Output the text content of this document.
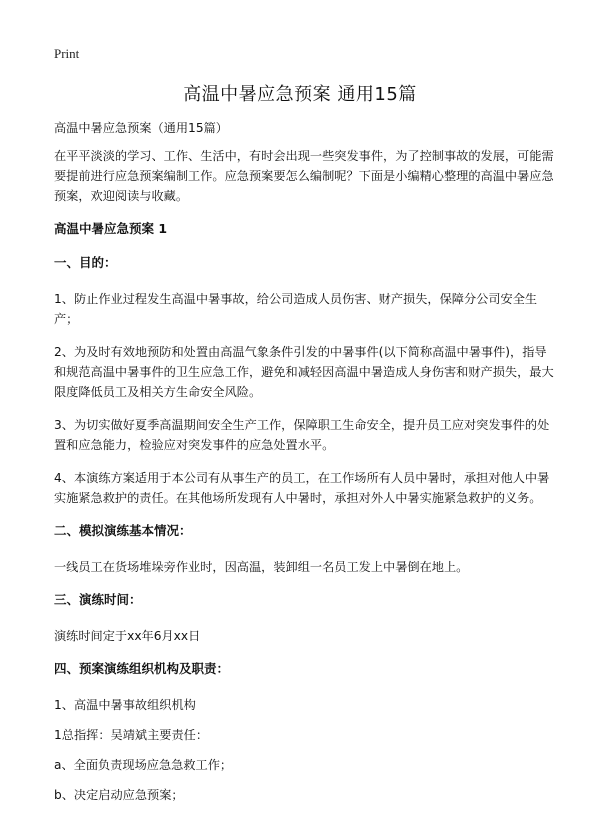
Print
高温中暑应急预案 通用15篇

高温中暑应急预案（通用15篇）

在平平淡淡的学习、工作、生活中，有时会出现一些突发事件，为了控制事故的发展，可能需要提前进行应急预案编制工作。应急预案要怎么编制呢？下面是小编精心整理的高温中暑应急预案，欢迎阅读与收藏。

高温中暑应急预案 1
一、目的：

1、防止作业过程发生高温中暑事故，给公司造成人员伤害、财产损失，保障分公司安全生产；

2、为及时有效地预防和处置由高温气象条件引发的中暑事件(以下简称高温中暑事件)，指导和规范高温中暑事件的卫生应急工作，避免和减轻因高温中暑造成人身伤害和财产损失，最大限度降低员工及相关方生命安全风险。

3、为切实做好夏季高温期间安全生产工作，保障职工生命安全，提升员工应对突发事件的处置和应急能力，检验应对突发事件的应急处置水平。

4、本演练方案适用于本公司有从事生产的员工，在工作场所有人员中暑时，承担对他人中暑实施紧急救护的责任。在其他场所发现有人中暑时，承担对外人中暑实施紧急救护的义务。

二、模拟演练基本情况：

一线员工在货场堆垛旁作业时，因高温，装卸组一名员工发上中暑倒在地上。

三、演练时间：

演练时间定于xx年6月xx日

四、预案演练组织机构及职责：

1、高温中暑事故组织机构

1总指挥：吴靖斌主要责任：

a、全面负责现场应急急救工作；

b、决定启动应急预案；
